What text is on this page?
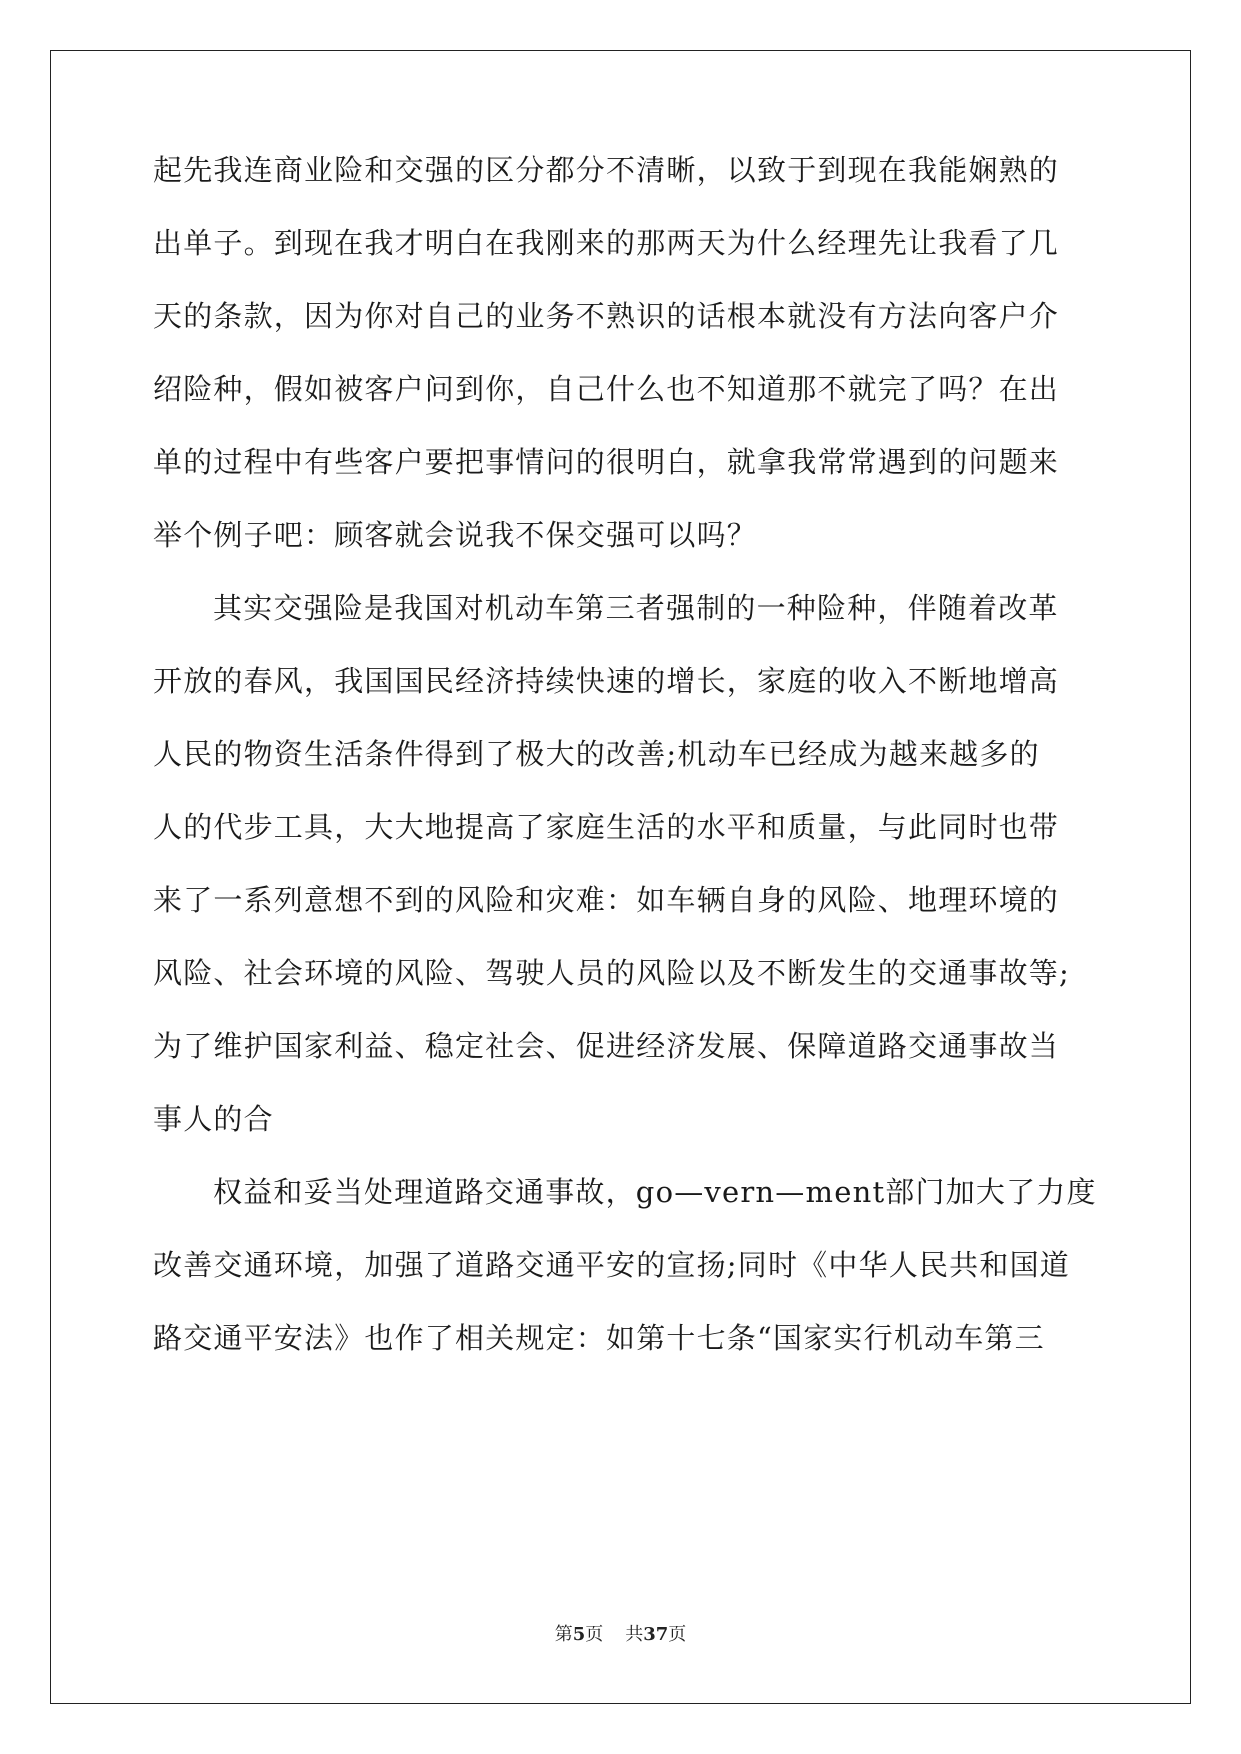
起先我连商业险和交强的区分都分不清晰，以致于到现在我能娴熟的
出单子。到现在我才明白在我刚来的那两天为什么经理先让我看了几
天的条款，因为你对自己的业务不熟识的话根本就没有方法向客户介
绍险种，假如被客户问到你，自己什么也不知道那不就完了吗？在出
单的过程中有些客户要把事情问的很明白，就拿我常常遇到的问题来
举个例子吧：顾客就会说我不保交强可以吗？
其实交强险是我国对机动车第三者强制的一种险种，伴随着改革
开放的春风，我国国民经济持续快速的增长，家庭的收入不断地增高
人民的物资生活条件得到了极大的改善;机动车已经成为越来越多的
人的代步工具，大大地提高了家庭生活的水平和质量，与此同时也带
来了一系列意想不到的风险和灾难：如车辆自身的风险、地理环境的
风险、社会环境的风险、驾驶人员的风险以及不断发生的交通事故等;
为了维护国家利益、稳定社会、促进经济发展、保障道路交通事故当
事人的合
权益和妥当处理道路交通事故，go—vern—ment部门加大了力度
改善交通环境，加强了道路交通平安的宣扬;同时《中华人民共和国道
路交通平安法》也作了相关规定：如第十七条“国家实行机动车第三
第5页 共37页
